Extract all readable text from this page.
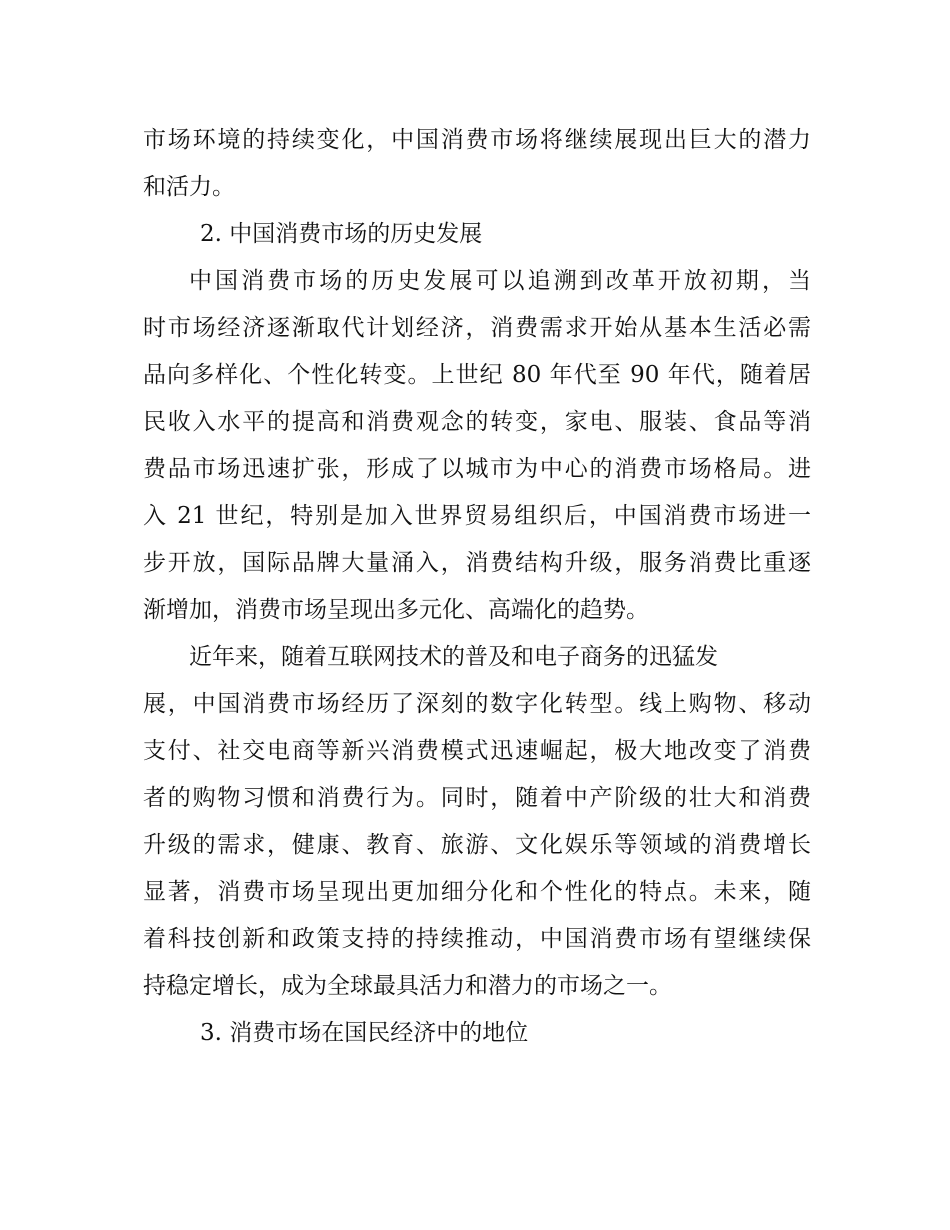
市场环境的持续变化，中国消费市场将继续展现出巨大的潜力
和活力。
2. 中国消费市场的历史发展
中国消费市场的历史发展可以追溯到改革开放初期，当
时市场经济逐渐取代计划经济，消费需求开始从基本生活必需
品向多样化、个性化转变。上世纪 80 年代至 90 年代，随着居
民收入水平的提高和消费观念的转变，家电、服装、食品等消
费品市场迅速扩张，形成了以城市为中心的消费市场格局。进
入 21 世纪，特别是加入世界贸易组织后，中国消费市场进一
步开放，国际品牌大量涌入，消费结构升级，服务消费比重逐
渐增加，消费市场呈现出多元化、高端化的趋势。
近年来，随着互联网技术的普及和电子商务的迅猛发
展，中国消费市场经历了深刻的数字化转型。线上购物、移动
支付、社交电商等新兴消费模式迅速崛起，极大地改变了消费
者的购物习惯和消费行为。同时，随着中产阶级的壮大和消费
升级的需求，健康、教育、旅游、文化娱乐等领域的消费增长
显著，消费市场呈现出更加细分化和个性化的特点。未来，随
着科技创新和政策支持的持续推动，中国消费市场有望继续保
持稳定增长，成为全球最具活力和潜力的市场之一。
3. 消费市场在国民经济中的地位
